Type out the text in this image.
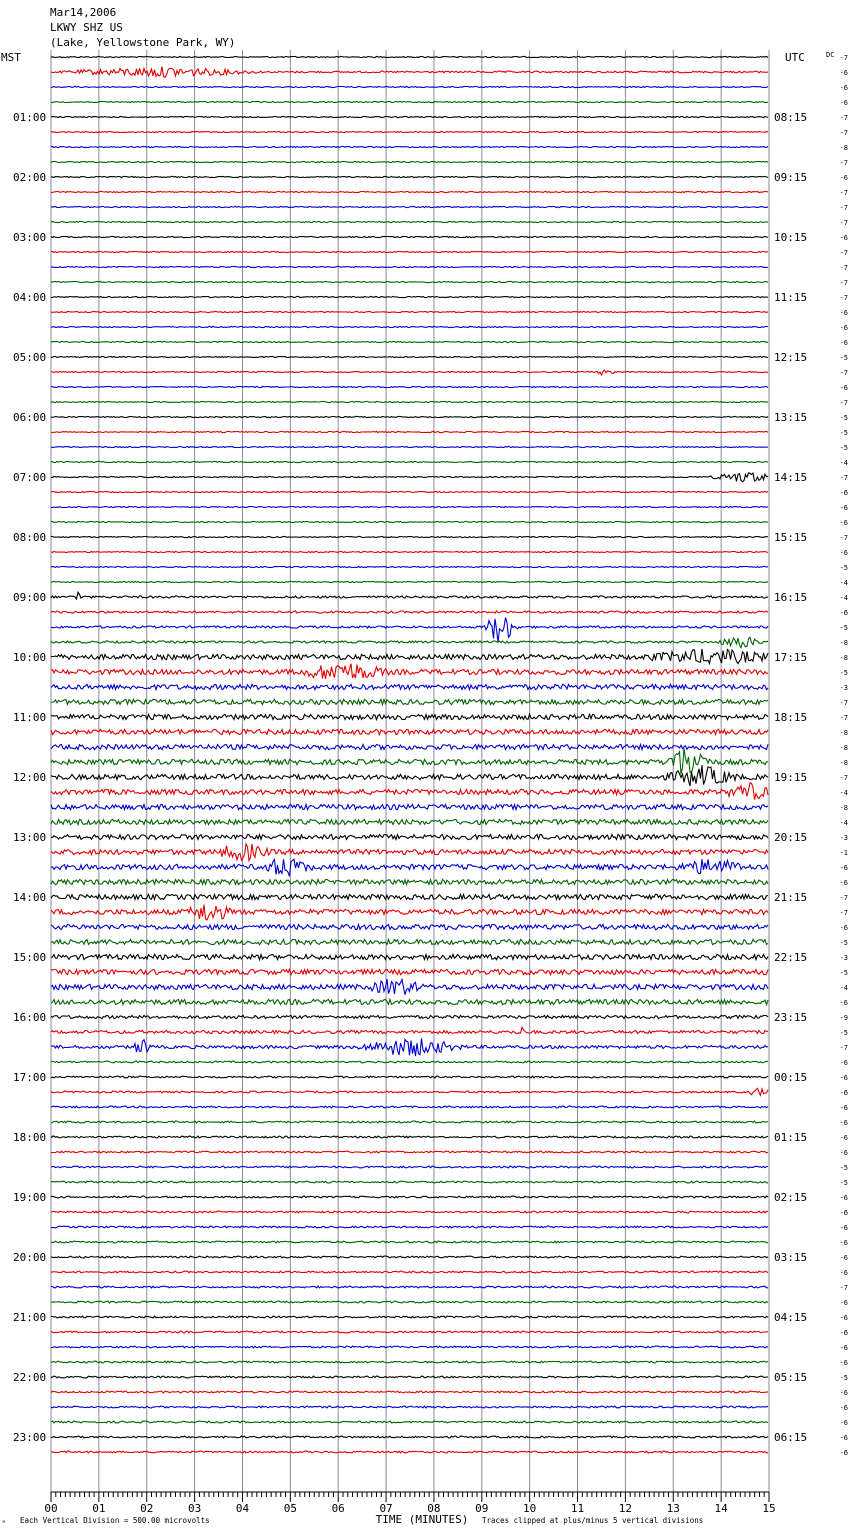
Mar14,2006
LKWY SHZ US
(Lake, Yellowstone Park, WY)
MST	UTC	DC
01:00
02:00
03:00
04:00
05:00
06:00
07:00
08:00
09:00
10:00
11:00
12:00
13:00
14:00
15:00
16:00
17:00
18:00
19:00
20:00
21:00
22:00
23:00
08:15
09:15
10:15
11:15
12:15
13:15
14:15
15:15
16:15
17:15
18:15
19:15
20:15
21:15
22:15
23:15
00:15
01:15
02:15
03:15
04:15
05:15
06:15
-7
-6
-6
-6
-7
-7
-8
-7
-6
-7
-7
-7
-6
-7
-7
-7
-7
-6
-6
-6
-5
-7
-6
-7
-5
-5
-5
-4
-7
-6
-6
-6
-7
-6
-5
-4
-4
-6
-5
-8
-8
-5
-3
-7
-7
-8
-8
-8
-7
-4
-8
-4
-3
-1
-6
-6
-7
-7
-6
-5
-3
-5
-4
-6
-9
-5
-7
-6
-6
-6
-6
-6
-6
-6
-5
-5
-6
-6
-6
-6
-6
-6
-7
-6
-6
-6
-6
-6
-5
-6
-6
-6
-6
-6
00	01	02	03	04	05	06	07	08	09	10	11	12	13	14	15
TIME (MINUTES)
Each Vertical Division = 500.00 microvolts	Traces clipped at plus/minus 5 vertical divisions
ᴹ
